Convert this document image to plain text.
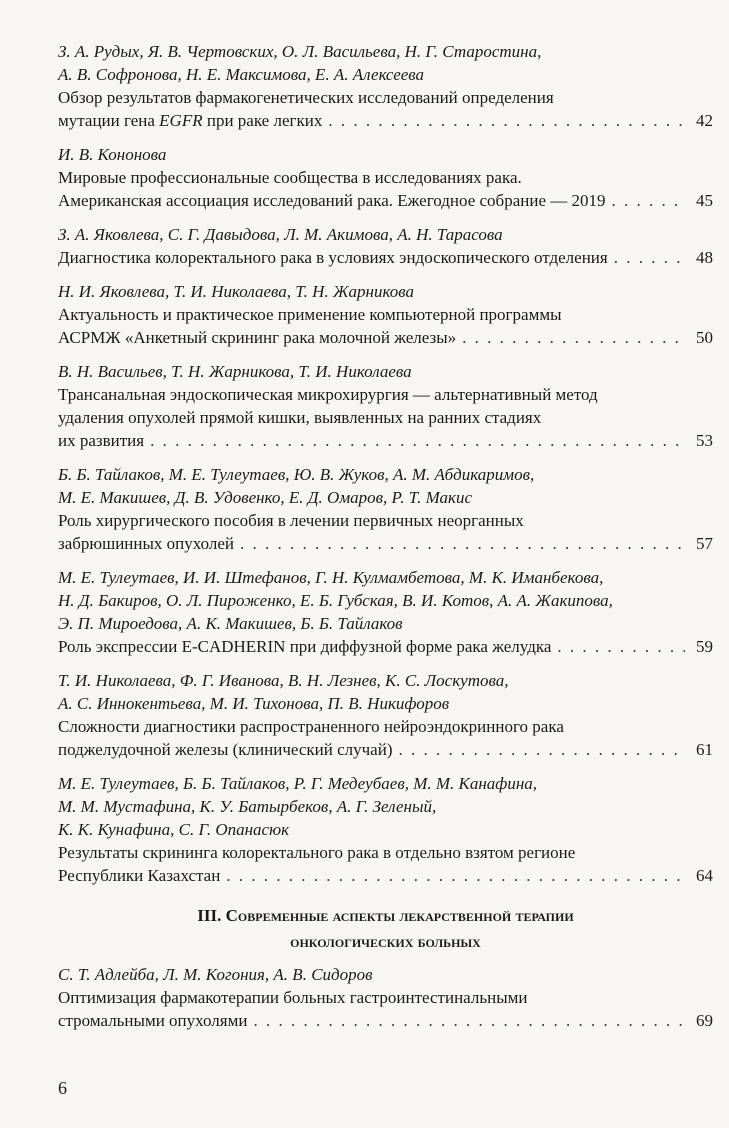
З. А. Рудых, Я. В. Чертовских, О. Л. Васильева, Н. Г. Старостина,
А. В. Софронова, Н. Е. Максимова, Е. А. Алексеева
Обзор результатов фармакогенетических исследований определения
мутации гена EGFR при раке легких . . .	42
И. В. Кононова
Мировые профессиональные сообщества в исследованиях рака.
Американская ассоциация исследований рака. Ежегодное собрание — 2019 . . .	45
З. А. Яковлева, С. Г. Давыдова, Л. М. Акимова, А. Н. Тарасова
Диагностика колоректального рака в условиях эндоскопического отделения . . .	48
Н. И. Яковлева, Т. И. Николаева, Т. Н. Жарникова
Актуальность и практическое применение компьютерной программы
АСРМЖ «Анкетный скрининг рака молочной железы» . . .	50
В. Н. Васильев, Т. Н. Жарникова, Т. И. Николаева
Трансанальная эндоскопическая микрохирургия — альтернативный метод
удаления опухолей прямой кишки, выявленных на ранних стадиях
их развития . . .	53
Б. Б. Тайлаков, М. Е. Тулеутаев, Ю. В. Жуков, А. М. Абдикаримов,
М. Е. Макишев, Д. В. Удовенко, Е. Д. Омаров, Р. Т. Макис
Роль хирургического пособия в лечении первичных неорганных
забрюшинных опухолей . . .	57
М. Е. Тулеутаев, И. И. Штефанов, Г. Н. Кулмамбетова, М. К. Иманбекова,
Н. Д. Бакиров, О. Л. Пироженко, Е. Б. Губская, В. И. Котов, А. А. Жакипова,
Э. П. Мироедова, А. К. Макишев, Б. Б. Тайлаков
Роль экспрессии E-CADHERIN при диффузной форме рака желудка . . .	59
Т. И. Николаева, Ф. Г. Иванова, В. Н. Лезнев, К. С. Лоскутова,
А. С. Иннокентьева, М. И. Тихонова, П. В. Никифоров
Сложности диагностики распространенного нейроэндокринного рака
поджелудочной железы (клинический случай) . . .	61
М. Е. Тулеутаев, Б. Б. Тайлаков, Р. Г. Медеубаев, М. М. Канафина,
М. М. Мустафина, К. У. Батырбеков, А. Г. Зеленый,
К. К. Кунафина, С. Г. Опанасюк
Результаты скрининга колоректального рака в отдельно взятом регионе
Республики Казахстан . . .	64
III. Современные аспекты лекарственной терапии
онкологических больных
С. Т. Адлейба, Л. М. Когония, А. В. Сидоров
Оптимизация фармакотерапии больных гастроинтестинальными
стромальными опухолями . . .	69
6
